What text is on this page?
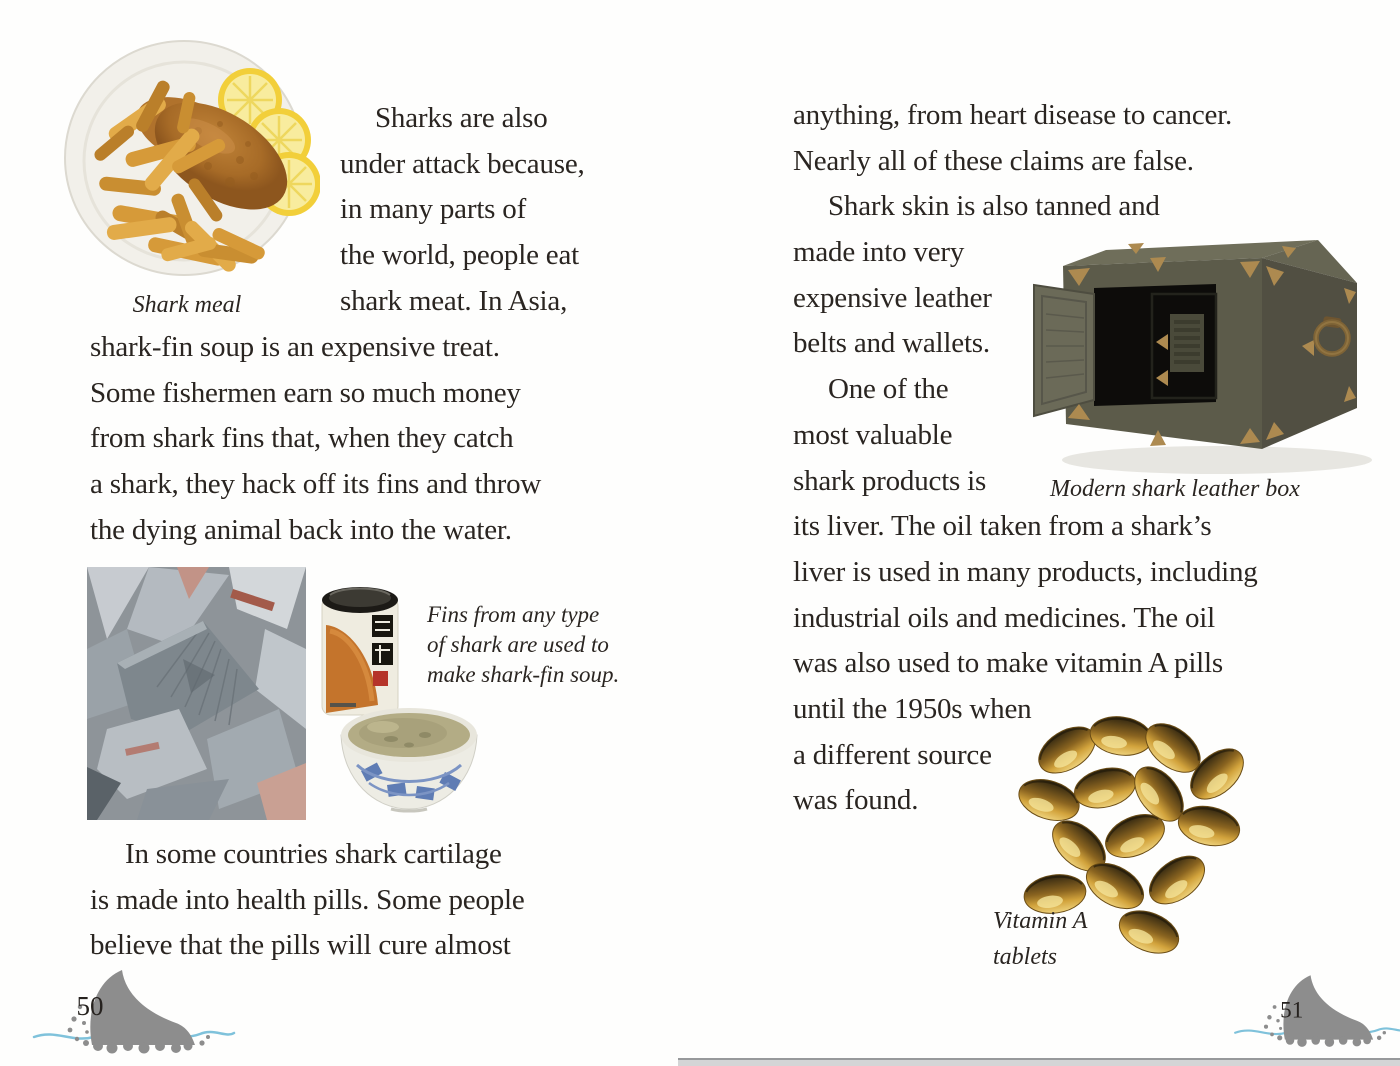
Shark meal
Sharks are also
under attack because,
in many parts of
the world, people eat
shark meat. In Asia,
shark-fin soup is an expensive treat.
Some fishermen earn so much money
from shark fins that, when they catch
a shark, they hack off its fins and throw
the dying animal back into the water.
Fins from any type
of shark are used to
make shark-fin soup.
In some countries shark cartilage
is made into health pills. Some people
believe that the pills will cure almost
50
anything, from heart disease to cancer.
Nearly all of these claims are false.
Shark skin is also tanned and
made into very
expensive leather
belts and wallets.
One of the
most valuable
shark products is
its liver. The oil taken from a shark’s
liver is used in many products, including
industrial oils and medicines. The oil
was also used to make vitamin A pills
until the 1950s when
a different source
was found.
Modern shark leather box
Vitamin A
tablets
51
